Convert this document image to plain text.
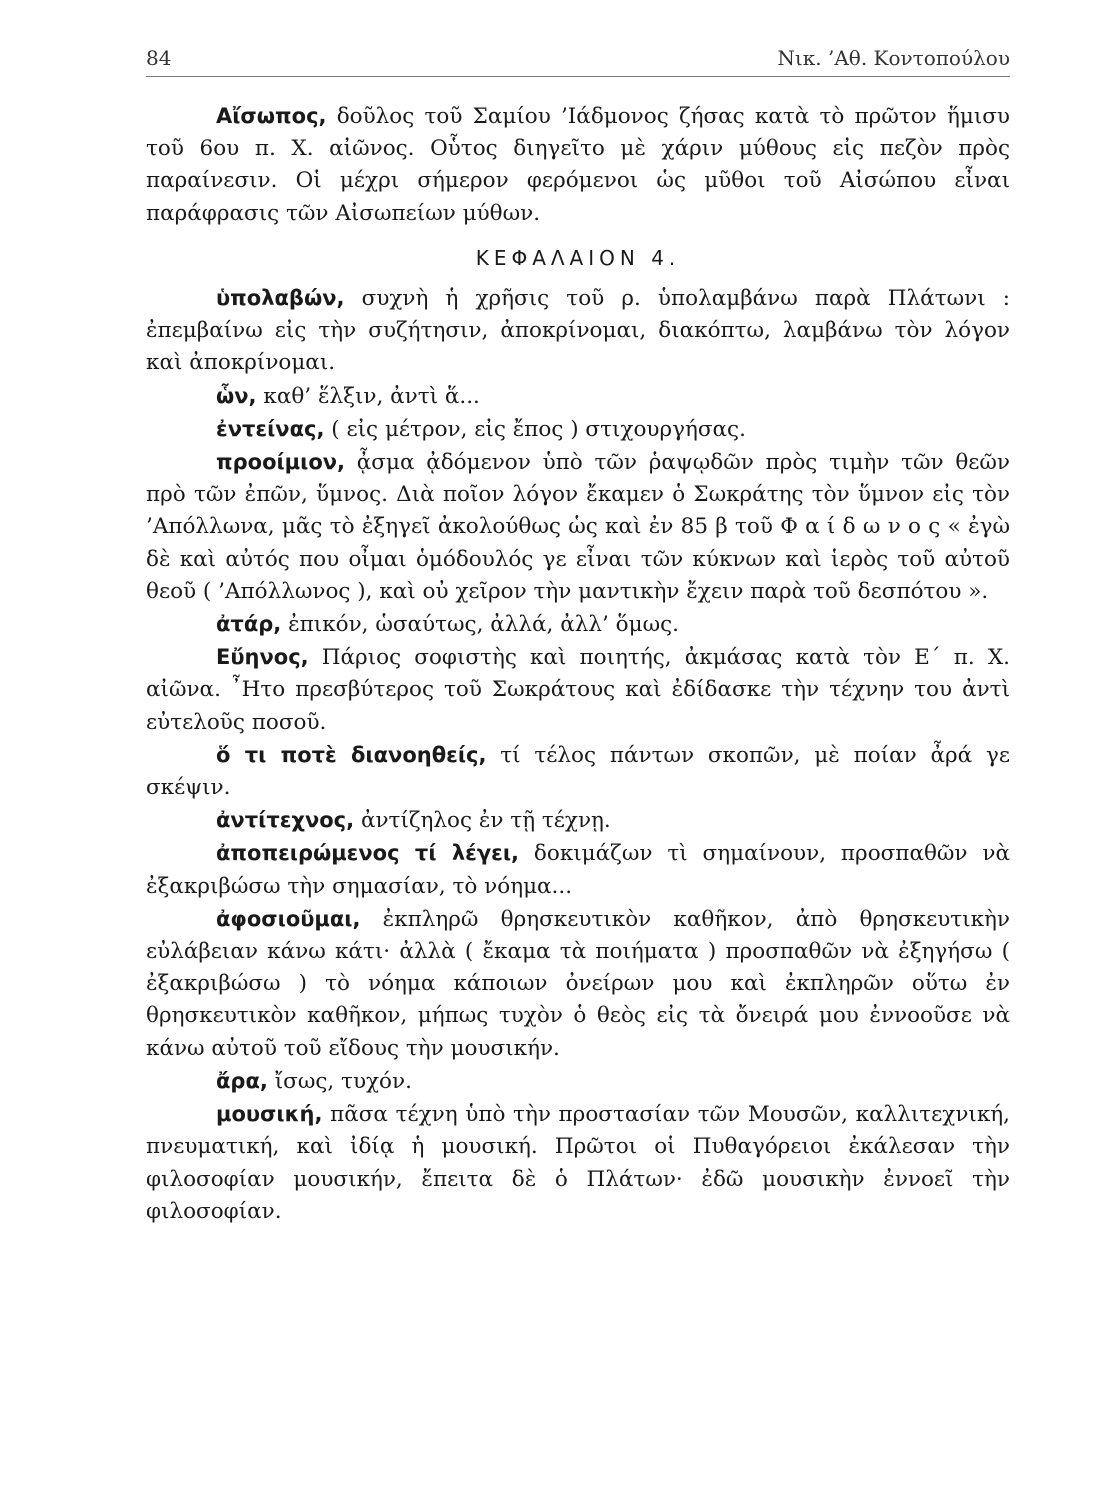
84	Νικ. ’Αθ. Κοντοπούλου

Αἴσωπος, δοῦλος τοῦ Σαμίου ’Ιάδμονος ζήσας κατὰ τὸ πρῶτον ἥμισυ τοῦ 6ου π. Χ. αἰῶνος. Οὗτος διηγεῖτο μὲ χάριν μύθους εἰς πεζὸν πρὸς παραίνεσιν. Οἱ μέχρι σήμερον φερόμενοι ὡς μῦθοι τοῦ Αἰσώπου εἶναι παράφρασις τῶν Αἰσωπείων μύθων.

ΚΕΦΑΛΑΙΟΝ 4.

ὑπολαβών, συχνὴ ἡ χρῆσις τοῦ ρ. ὑπολαμβάνω παρὰ Πλάτωνι : ἐπεμβαίνω εἰς τὴν συζήτησιν, ἀποκρίνομαι, διακόπτω, λαμβάνω τὸν λόγον καὶ ἀποκρίνομαι.

ὧν, καθ’ ἕλξιν, ἀντὶ ἅ...

ἐντείνας, ( εἰς μέτρον, εἰς ἔπος ) στιχουργήσας.

προοίμιον, ᾆσμα ᾀδόμενον ὑπὸ τῶν ῥαψῳδῶν πρὸς τιμὴν τῶν θεῶν πρὸ τῶν ἐπῶν, ὕμνος. Διὰ ποῖον λόγον ἔκαμεν ὁ Σωκράτης τὸν ὕμνον εἰς τὸν ’Απόλλωνα, μᾶς τὸ ἐξηγεῖ ἀκολούθως ὡς καὶ ἐν 85 β τοῦ Φ α ί δ ω ν ο ς « ἐγὼ δὲ καὶ αὐτός που οἶμαι ὁμόδουλός γε εἶναι τῶν κύκνων καὶ ἱερὸς τοῦ αὐτοῦ θεοῦ ( ’Απόλλωνος ), καὶ οὐ χεῖρον τὴν μαντικὴν ἔχειν παρὰ τοῦ δεσπότου ».

ἀτάρ, ἐπικόν, ὡσαύτως, ἀλλά, ἀλλ’ ὅμως.

Εὔηνος, Πάριος σοφιστὴς καὶ ποιητής, ἀκμάσας κατὰ τὸν Ε΄ π. Χ. αἰῶνα. ῏Ητο πρεσβύτερος τοῦ Σωκράτους καὶ ἐδίδασκε τὴν τέχνην του ἀντὶ εὐτελοῦς ποσοῦ.

ὅ τι ποτὲ διανοηθείς, τί τέλος πάντων σκοπῶν, μὲ ποίαν ἆρά γε σκέψιν.

ἀντίτεχνος, ἀντίζηλος ἐν τῇ τέχνῃ.

ἀποπειρώμενος τί λέγει, δοκιμάζων τὶ σημαίνουν, προσπαθῶν νὰ ἐξακριβώσω τὴν σημασίαν, τὸ νόημα...

ἀφοσιοῦμαι, ἐκπληρῶ θρησκευτικὸν καθῆκον, ἀπὸ θρησκευτικὴν εὐλάβειαν κάνω κάτι· ἀλλὰ ( ἔκαμα τὰ ποιήματα ) προσπαθῶν νὰ ἐξηγήσω ( ἐξακριβώσω ) τὸ νόημα κάποιων ὀνείρων μου καὶ ἐκπληρῶν οὕτω ἐν θρησκευτικὸν καθῆκον, μήπως τυχὸν ὁ θεὸς εἰς τὰ ὄνειρά μου ἐννοοῦσε νὰ κάνω αὐτοῦ τοῦ εἴδους τὴν μουσικήν.

ἄρα, ἴσως, τυχόν.

μουσική, πᾶσα τέχνη ὑπὸ τὴν προστασίαν τῶν Μουσῶν, καλλιτεχνική, πνευματική, καὶ ἰδίᾳ ἡ μουσική. Πρῶτοι οἱ Πυθαγόρειοι ἐκάλεσαν τὴν φιλοσοφίαν μουσικήν, ἔπειτα δὲ ὁ Πλάτων· ἐδῶ μουσικὴν ἐννοεῖ τὴν φιλοσοφίαν.
